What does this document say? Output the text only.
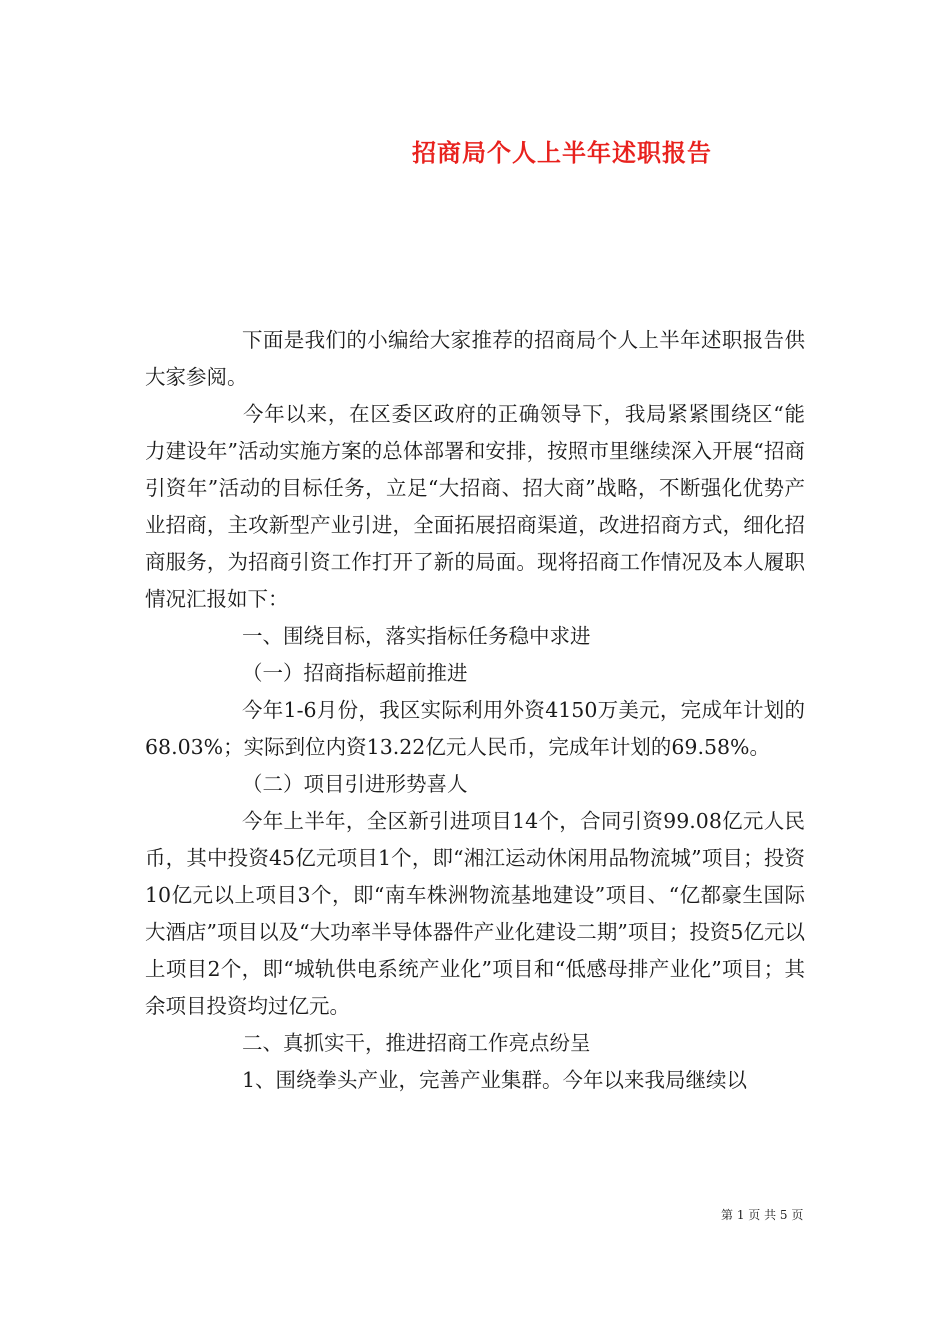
招商局个人上半年述职报告

下面是我们的小编给大家推荐的招商局个人上半年述职报告供大家参阅。

今年以来，在区委区政府的正确领导下，我局紧紧围绕区“能力建设年”活动实施方案的总体部署和安排，按照市里继续深入开展“招商引资年”活动的目标任务，立足“大招商、招大商”战略，不断强化优势产业招商，主攻新型产业引进，全面拓展招商渠道，改进招商方式，细化招商服务，为招商引资工作打开了新的局面。现将招商工作情况及本人履职情况汇报如下：

一、围绕目标，落实指标任务稳中求进

（一）招商指标超前推进

今年1-6月份，我区实际利用外资4150万美元，完成年计划的68.03%；实际到位内资13.22亿元人民币，完成年计划的69.58%。

（二）项目引进形势喜人

今年上半年，全区新引进项目14个，合同引资99.08亿元人民币，其中投资45亿元项目1个，即“湘江运动休闲用品物流城”项目；投资10亿元以上项目3个，即“南车株洲物流基地建设”项目、“亿都豪生国际大酒店”项目以及“大功率半导体器件产业化建设二期”项目；投资5亿元以上项目2个，即“城轨供电系统产业化”项目和“低感母排产业化”项目；其余项目投资均过亿元。

二、真抓实干，推进招商工作亮点纷呈

1、围绕拳头产业，完善产业集群。今年以来我局继续以

第 1 页 共 5 页
